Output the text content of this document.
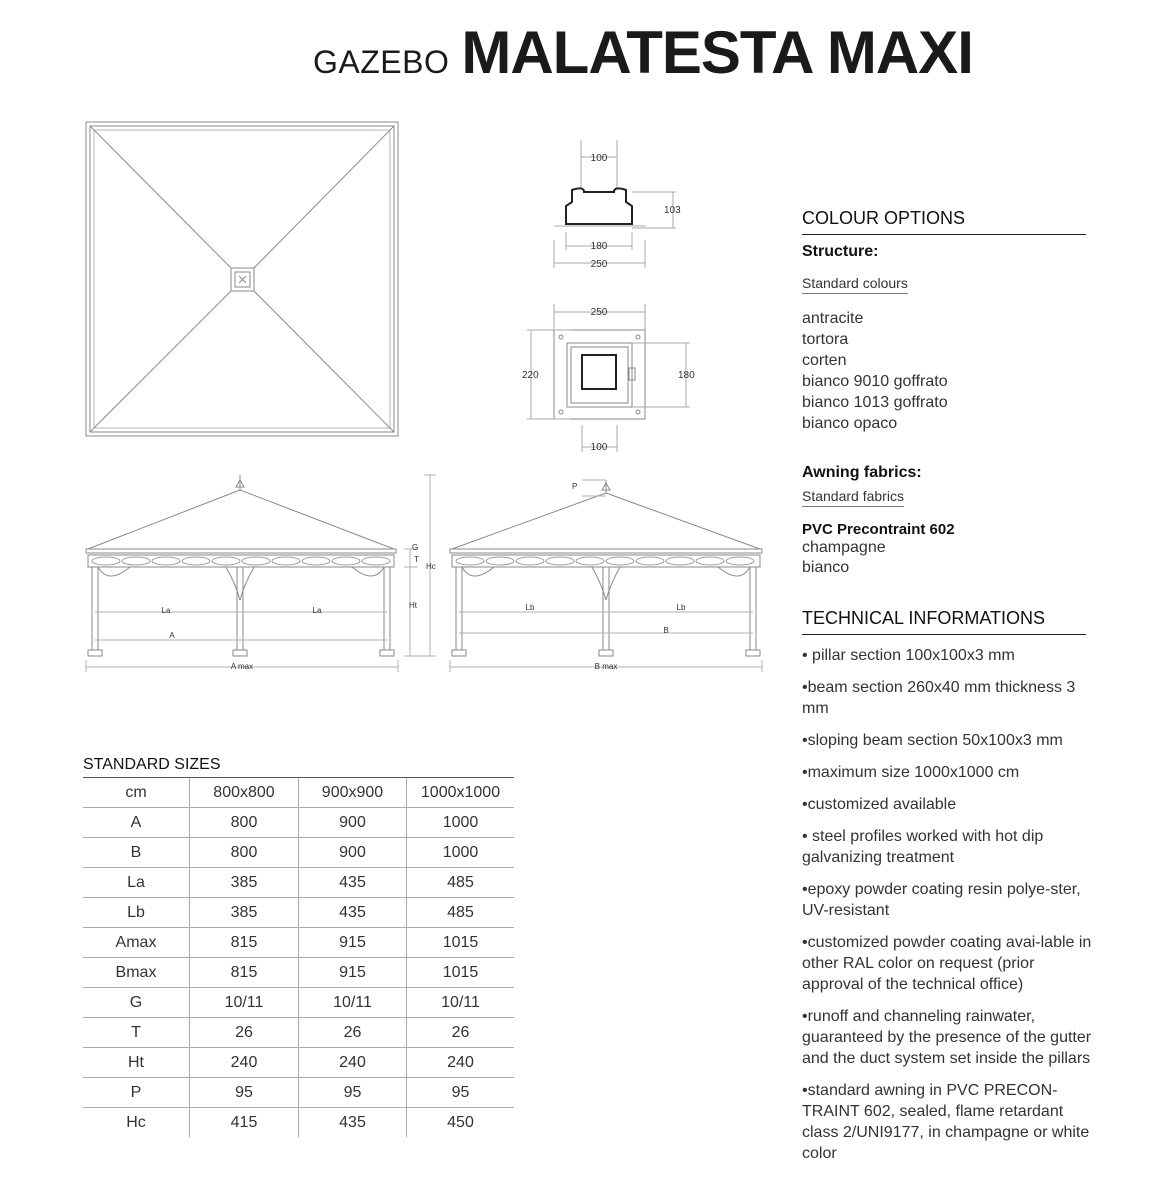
GAZEBO MALATESTA MAXI
100
103
180
250
250
220	180
100
La	La
A
A max
G
T
Hc
Ht
P
Lb	Lb
B
B max
COLOUR OPTIONS
Structure:
Standard colours
antracite
tortora
corten
bianco 9010 goffrato
bianco 1013 goffrato
bianco opaco
Awning fabrics:
Standard fabrics
PVC Precontraint 602
champagne
bianco
TECHNICAL INFORMATIONS
• pillar section 100x100x3 mm
•beam section 260x40 mm thickness 3 mm
•sloping beam section 50x100x3 mm
•maximum size 1000x1000 cm
•customized available
• steel profiles worked with hot dip galvanizing treatment
•epoxy powder coating resin polye-ster, UV-resistant
•customized powder coating avai-lable in other RAL color on request (prior approval of the technical office)
•runoff and channeling rainwater, guaranteed by the presence of the gutter and the duct system set inside the pillars
•standard awning in PVC PRECON-TRAINT 602, sealed, flame retardant class 2/UNI9177, in champagne or white color
STANDARD SIZES
cm	800x800	900x900	1000x1000
A	800	900	1000
B	800	900	1000
La	385	435	485
Lb	385	435	485
Amax	815	915	1015
Bmax	815	915	1015
G	10/11	10/11	10/11
T	26	26	26
Ht	240	240	240
P	95	95	95
Hc	415	435	450
